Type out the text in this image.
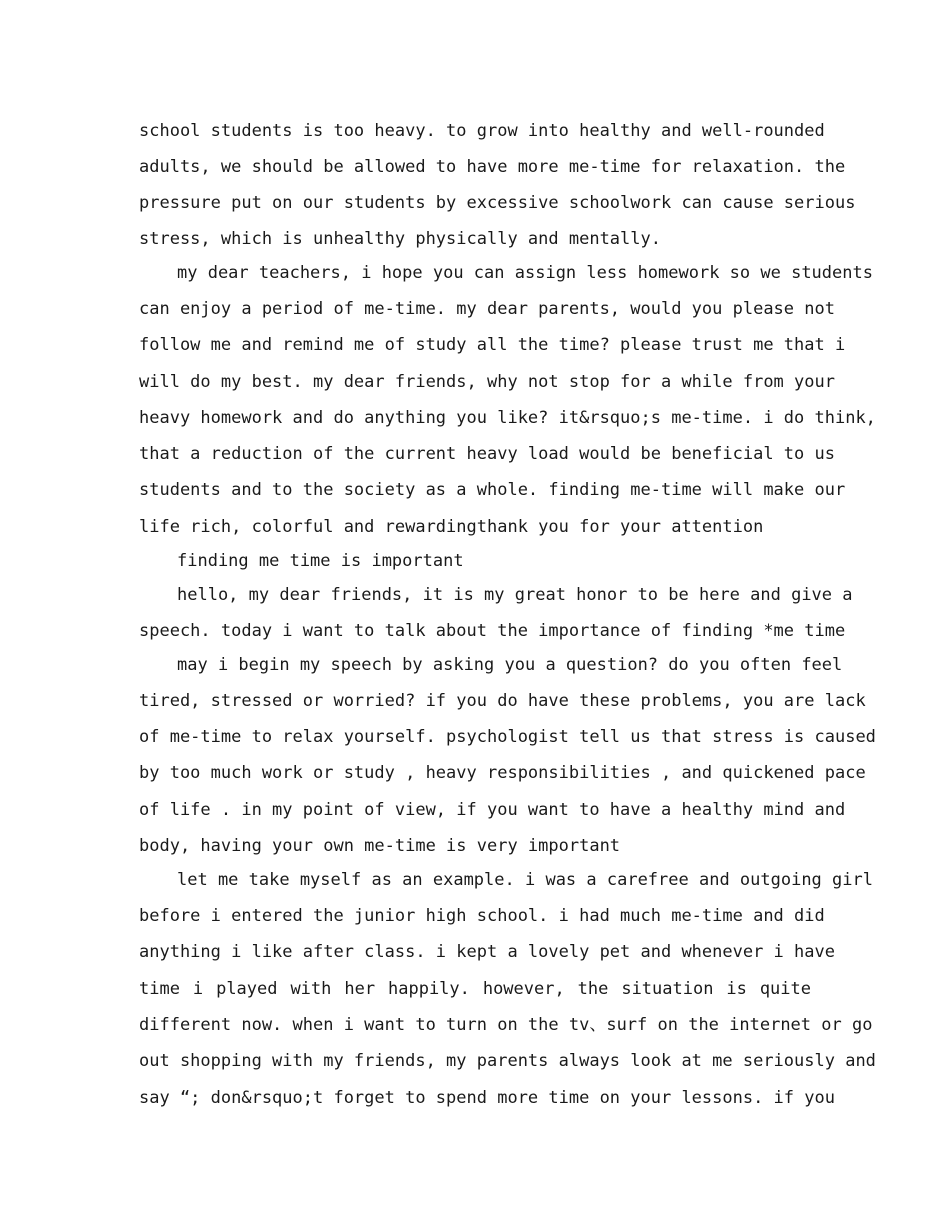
school students is too heavy. to grow into healthy and well-rounded
adults, we should be allowed to have more me-time for relaxation. the
pressure put on our students by excessive schoolwork can cause serious
stress, which is unhealthy physically and mentally.
my dear teachers, i hope you can assign less homework so we students
can enjoy a period of me-time. my dear parents, would you please not
follow me and remind me of study all the time? please trust me that i
will do my best. my dear friends, why not stop for a while from your
heavy homework and do anything you like? it&rsquo;s me-time. i do think,
that a reduction of the current heavy load would be beneficial to us
students and to the society as a whole. finding me-time will make our
life rich, colorful and rewardingthank you for your attention
finding me time is important
hello, my dear friends, it is my great honor to be here and give a
speech. today i want to talk about the importance of finding *me time
may i begin my speech by asking you a question? do you often feel
tired, stressed or worried? if you do have these problems, you are lack
of me-time to relax yourself. psychologist tell us that stress is caused
by too much work or study , heavy responsibilities , and quickened pace
of life . in my point of view, if you want to have a healthy mind and
body, having your own me-time is very important
let me take myself as an example. i was a carefree and outgoing girl
before i entered the junior high school. i had much me-time and did
anything i like after class. i kept a lovely pet and whenever i have
time i played with her happily. however, the situation is quite
different now. when i want to turn on the tv、surf on the internet or go
out shopping with my friends, my parents always look at me seriously and
say “; don&rsquo;t forget to spend more time on your lessons. if you
